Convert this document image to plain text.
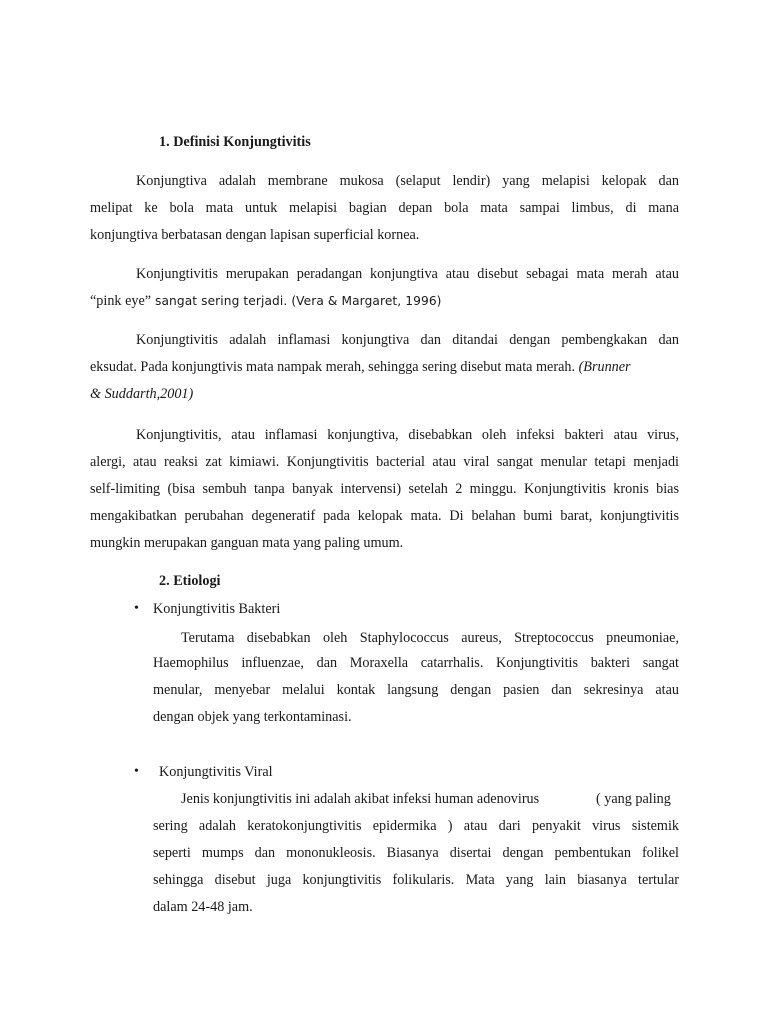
1. Definisi Konjungtivitis
Konjungtiva adalah membrane mukosa (selaput lendir) yang melapisi kelopak dan
melipat ke bola mata untuk melapisi bagian depan bola mata sampai limbus, di mana
konjungtiva berbatasan dengan lapisan superficial kornea.
Konjungtivitis merupakan peradangan konjungtiva atau disebut sebagai mata merah atau
“pink eye” sangat sering terjadi. (Vera & Margaret, 1996)
Konjungtivitis adalah inflamasi konjungtiva dan ditandai dengan pembengkakan dan
eksudat. Pada konjungtivis mata nampak merah, sehingga sering disebut mata merah. (Brunner
& Suddarth,2001)
Konjungtivitis, atau inflamasi konjungtiva, disebabkan oleh infeksi bakteri atau virus,
alergi, atau reaksi zat kimiawi. Konjungtivitis bacterial atau viral sangat menular tetapi menjadi
self-limiting (bisa sembuh tanpa banyak intervensi) setelah 2 minggu. Konjungtivitis kronis bias
mengakibatkan perubahan degeneratif pada kelopak mata. Di belahan bumi barat, konjungtivitis
mungkin merupakan ganguan mata yang paling umum.
2. Etiologi
• Konjungtivitis Bakteri
Terutama disebabkan oleh Staphylococcus aureus, Streptococcus pneumoniae,
Haemophilus influenzae, dan Moraxella catarrhalis. Konjungtivitis bakteri sangat
menular, menyebar melalui kontak langsung dengan pasien dan sekresinya atau
dengan objek yang terkontaminasi.
• Konjungtivitis Viral
Jenis konjungtivitis ini adalah akibat infeksi human adenovirus	( yang paling
sering adalah keratokonjungtivitis epidermika ) atau dari penyakit virus sistemik
seperti mumps dan mononukleosis. Biasanya disertai dengan pembentukan folikel
sehingga disebut juga konjungtivitis folikularis. Mata yang lain biasanya tertular
dalam 24-48 jam.
